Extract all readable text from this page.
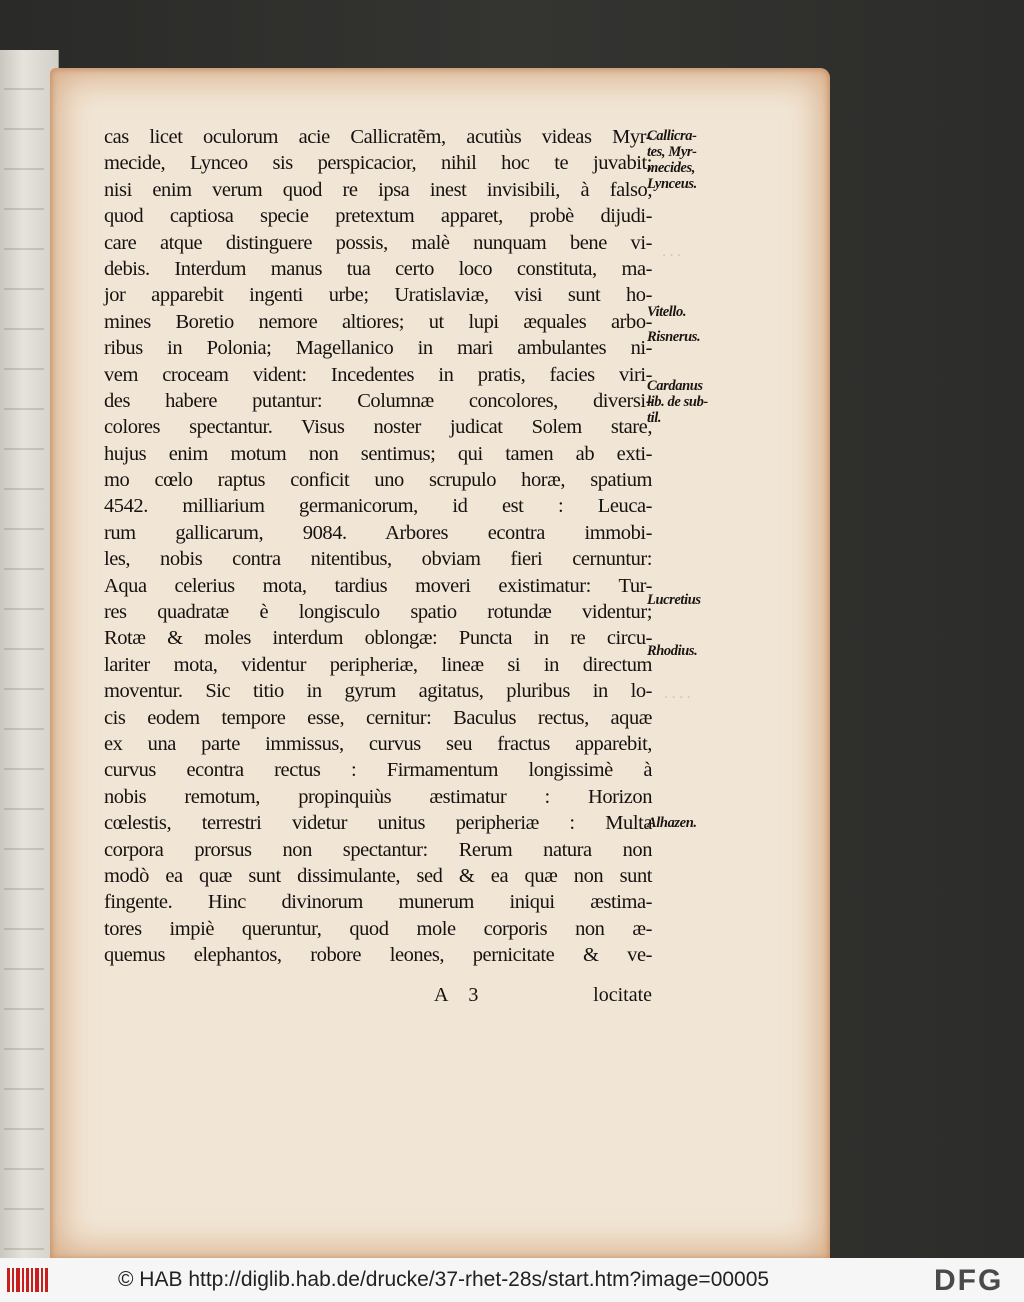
cas licet oculorum acie Callicratẽm, acutiùs videas Myr-
mecide, Lynceo sis perspicacior, nihil hoc te juvabit;
nisi enim verum quod re ipsa inest invisibili, à falso,
quod captiosa specie pretextum apparet, probè dijudi-
care atque distinguere possis, malè nunquam bene vi-
debis. Interdum manus tua certo loco constituta, ma-
jor apparebit ingenti urbe; Uratislaviæ, visi sunt ho-
mines Boretio nemore altiores; ut lupi æquales arbo-
ribus in Polonia; Magellanico in mari ambulantes ni-
vem croceam vident: Incedentes in pratis, facies viri-
des habere putantur: Columnæ concolores, diversi-
colores spectantur. Visus noster judicat Solem stare,
hujus enim motum non sentimus; qui tamen ab exti-
mo cœlo raptus conficit uno scrupulo horæ, spatium
4542. milliarium germanicorum, id est : Leuca-
rum gallicarum, 9084. Arbores econtra immobi-
les, nobis contra nitentibus, obviam fieri cernuntur:
Aqua celerius mota, tardius moveri existimatur: Tur-
res quadratæ è longisculo spatio rotundæ videntur;
Rotæ & moles interdum oblongæ: Puncta in re circu-
lariter mota, videntur peripheriæ, lineæ si in directum
moventur. Sic titio in gyrum agitatus, pluribus in lo-
cis eodem tempore esse, cernitur: Baculus rectus, aquæ
ex una parte immissus, curvus seu fractus apparebit,
curvus econtra rectus : Firmamentum longissimè à
nobis remotum, propinquiùs æstimatur : Horizon
cœlestis, terrestri videtur unitus peripheriæ : Multa
corpora prorsus non spectantur: Rerum natura non
modò ea quæ sunt dissimulante, sed & ea quæ non sunt
fingente. Hinc divinorum munerum iniqui æstima-
tores impiè queruntur, quod mole corporis non æ-
quemus elephantos, robore leones, pernicitate & ve-
Callicra-
tes, Myr-
mecides,
Lynceus.
Vitello.
Risnerus.
Cardanus
lib. de sub-
til.
Lucretius
Rhodius.
Alhazen.
· · ·
· · · ·
A 3	locitate
© HAB http://diglib.hab.de/drucke/37-rhet-28s/start.htm?image=00005	DFG
